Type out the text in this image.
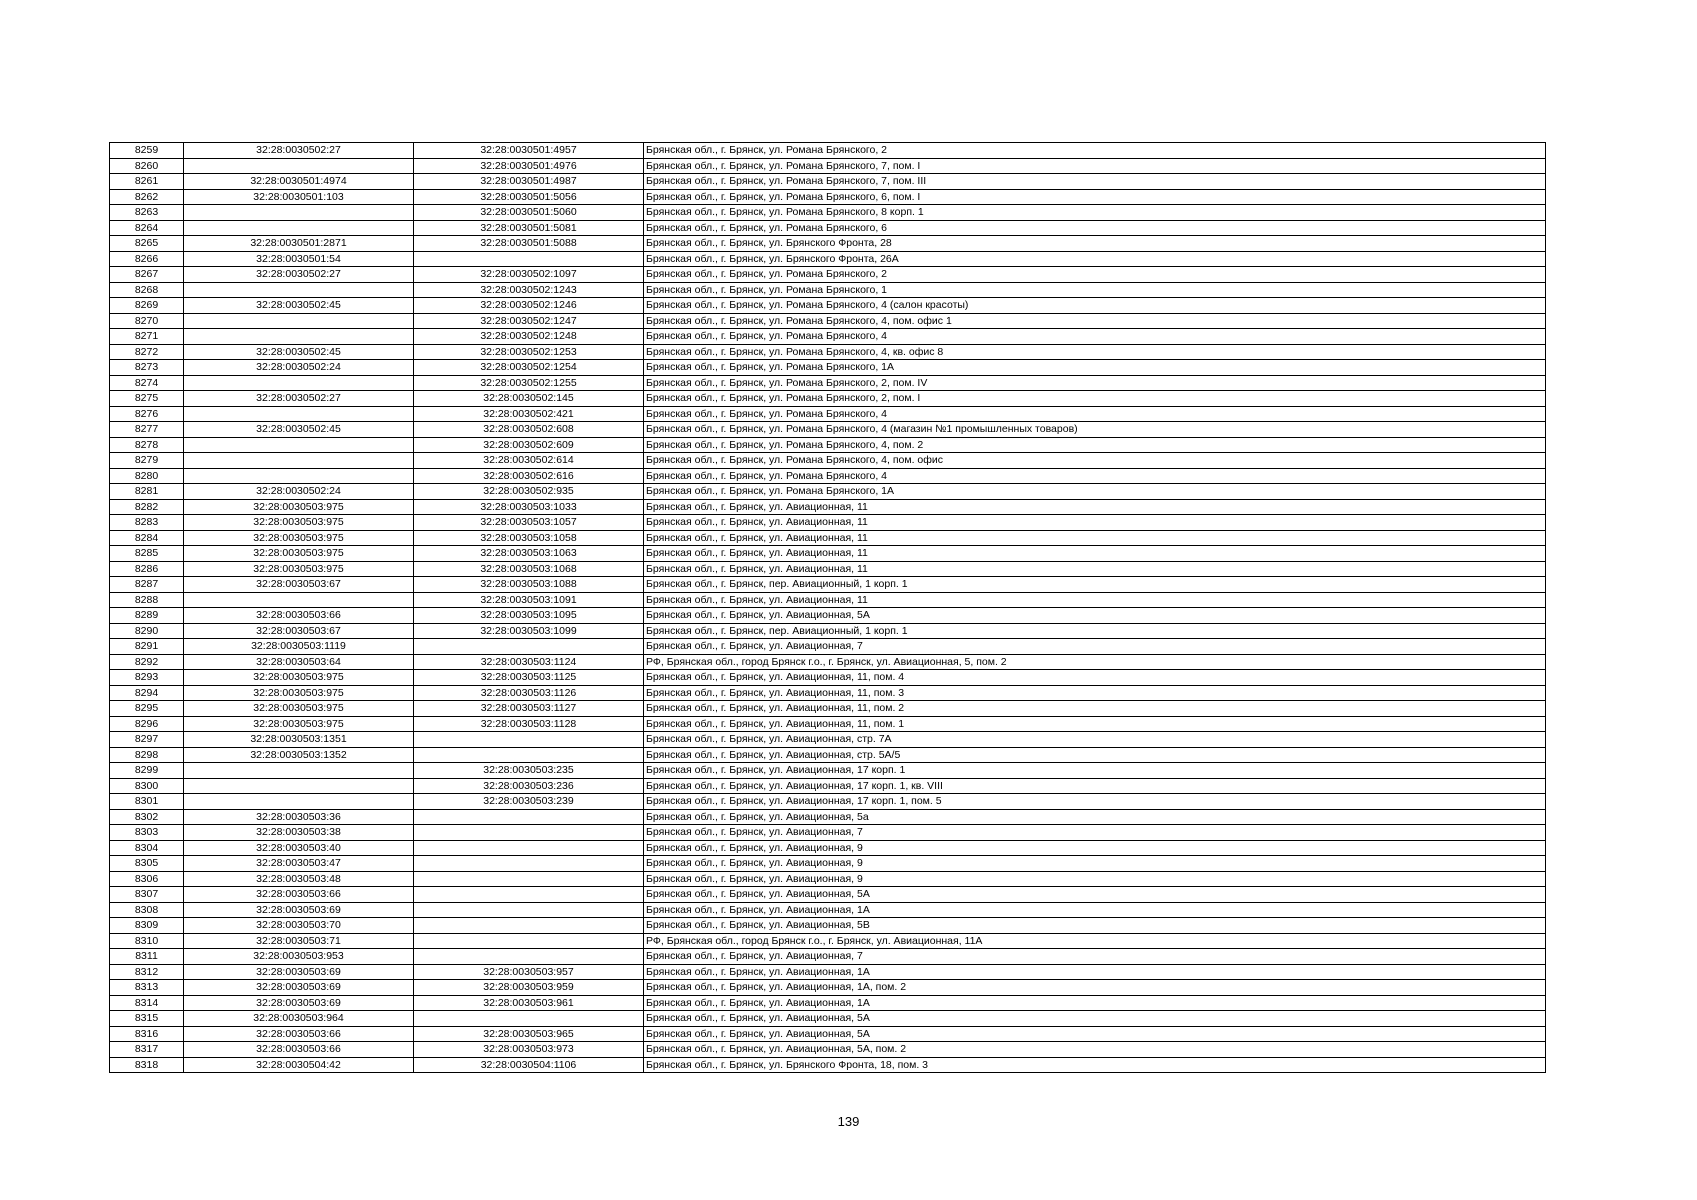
8259	32:28:0030502:27	32:28:0030501:4957	Брянская обл., г. Брянск, ул. Романа Брянского, 2
8260		32:28:0030501:4976	Брянская обл., г. Брянск, ул. Романа Брянского, 7, пом. I
8261	32:28:0030501:4974	32:28:0030501:4987	Брянская обл., г. Брянск, ул. Романа Брянского, 7, пом. III
8262	32:28:0030501:103	32:28:0030501:5056	Брянская обл., г. Брянск, ул. Романа Брянского, 6, пом. I
8263		32:28:0030501:5060	Брянская обл., г. Брянск, ул. Романа Брянского, 8 корп. 1
8264		32:28:0030501:5081	Брянская обл., г. Брянск, ул. Романа Брянского, 6
8265	32:28:0030501:2871	32:28:0030501:5088	Брянская обл., г. Брянск, ул. Брянского Фронта, 28
8266	32:28:0030501:54		Брянская обл., г. Брянск, ул. Брянского Фронта, 26А
8267	32:28:0030502:27	32:28:0030502:1097	Брянская обл., г. Брянск, ул. Романа Брянского, 2
8268		32:28:0030502:1243	Брянская обл., г. Брянск, ул. Романа Брянского, 1
8269	32:28:0030502:45	32:28:0030502:1246	Брянская обл., г. Брянск, ул. Романа Брянского, 4 (салон красоты)
8270		32:28:0030502:1247	Брянская обл., г. Брянск, ул. Романа Брянского, 4, пом. офис 1
8271		32:28:0030502:1248	Брянская обл., г. Брянск, ул. Романа Брянского, 4
8272	32:28:0030502:45	32:28:0030502:1253	Брянская обл., г. Брянск, ул. Романа Брянского, 4, кв. офис 8
8273	32:28:0030502:24	32:28:0030502:1254	Брянская обл., г. Брянск, ул. Романа Брянского, 1А
8274		32:28:0030502:1255	Брянская обл., г. Брянск, ул. Романа Брянского, 2, пом. IV
8275	32:28:0030502:27	32:28:0030502:145	Брянская обл., г. Брянск, ул. Романа Брянского, 2, пом. I
8276		32:28:0030502:421	Брянская обл., г. Брянск, ул. Романа Брянского, 4
8277	32:28:0030502:45	32:28:0030502:608	Брянская обл., г. Брянск, ул. Романа Брянского, 4 (магазин №1 промышленных товаров)
8278		32:28:0030502:609	Брянская обл., г. Брянск, ул. Романа Брянского, 4, пом. 2
8279		32:28:0030502:614	Брянская обл., г. Брянск, ул. Романа Брянского, 4, пом. офис
8280		32:28:0030502:616	Брянская обл., г. Брянск, ул. Романа Брянского, 4
8281	32:28:0030502:24	32:28:0030502:935	Брянская обл., г. Брянск, ул. Романа Брянского, 1А
8282	32:28:0030503:975	32:28:0030503:1033	Брянская обл., г. Брянск, ул. Авиационная, 11
8283	32:28:0030503:975	32:28:0030503:1057	Брянская обл., г. Брянск, ул. Авиационная, 11
8284	32:28:0030503:975	32:28:0030503:1058	Брянская обл., г. Брянск, ул. Авиационная, 11
8285	32:28:0030503:975	32:28:0030503:1063	Брянская обл., г. Брянск, ул. Авиационная, 11
8286	32:28:0030503:975	32:28:0030503:1068	Брянская обл., г. Брянск, ул. Авиационная, 11
8287	32:28:0030503:67	32:28:0030503:1088	Брянская обл., г. Брянск, пер. Авиационный, 1 корп. 1
8288		32:28:0030503:1091	Брянская обл., г. Брянск, ул. Авиационная, 11
8289	32:28:0030503:66	32:28:0030503:1095	Брянская обл., г. Брянск, ул. Авиационная, 5А
8290	32:28:0030503:67	32:28:0030503:1099	Брянская обл., г. Брянск, пер. Авиационный, 1 корп. 1
8291	32:28:0030503:1119		Брянская обл., г. Брянск, ул. Авиационная, 7
8292	32:28:0030503:64	32:28:0030503:1124	РФ, Брянская обл., город Брянск г.о., г. Брянск, ул. Авиационная, 5, пом. 2
8293	32:28:0030503:975	32:28:0030503:1125	Брянская обл., г. Брянск, ул. Авиационная, 11, пом. 4
8294	32:28:0030503:975	32:28:0030503:1126	Брянская обл., г. Брянск, ул. Авиационная, 11, пом. 3
8295	32:28:0030503:975	32:28:0030503:1127	Брянская обл., г. Брянск, ул. Авиационная, 11, пом. 2
8296	32:28:0030503:975	32:28:0030503:1128	Брянская обл., г. Брянск, ул. Авиационная, 11, пом. 1
8297	32:28:0030503:1351		Брянская обл., г. Брянск, ул. Авиационная, стр. 7А
8298	32:28:0030503:1352		Брянская обл., г. Брянск, ул. Авиационная, стр. 5А/5
8299		32:28:0030503:235	Брянская обл., г. Брянск, ул. Авиационная, 17 корп. 1
8300		32:28:0030503:236	Брянская обл., г. Брянск, ул. Авиационная, 17 корп. 1, кв. VIII
8301		32:28:0030503:239	Брянская обл., г. Брянск, ул. Авиационная, 17 корп. 1, пом. 5
8302	32:28:0030503:36		Брянская обл., г. Брянск, ул. Авиационная, 5а
8303	32:28:0030503:38		Брянская обл., г. Брянск, ул. Авиационная, 7
8304	32:28:0030503:40		Брянская обл., г. Брянск, ул. Авиационная, 9
8305	32:28:0030503:47		Брянская обл., г. Брянск, ул. Авиационная, 9
8306	32:28:0030503:48		Брянская обл., г. Брянск, ул. Авиационная, 9
8307	32:28:0030503:66		Брянская обл., г. Брянск, ул. Авиационная, 5А
8308	32:28:0030503:69		Брянская обл., г. Брянск, ул. Авиационная, 1А
8309	32:28:0030503:70		Брянская обл., г. Брянск, ул. Авиационная, 5В
8310	32:28:0030503:71		РФ, Брянская обл., город Брянск г.о., г. Брянск, ул. Авиационная, 11А
8311	32:28:0030503:953		Брянская обл., г. Брянск, ул. Авиационная, 7
8312	32:28:0030503:69	32:28:0030503:957	Брянская обл., г. Брянск, ул. Авиационная, 1А
8313	32:28:0030503:69	32:28:0030503:959	Брянская обл., г. Брянск, ул. Авиационная, 1А, пом. 2
8314	32:28:0030503:69	32:28:0030503:961	Брянская обл., г. Брянск, ул. Авиационная, 1А
8315	32:28:0030503:964		Брянская обл., г. Брянск, ул. Авиационная, 5А
8316	32:28:0030503:66	32:28:0030503:965	Брянская обл., г. Брянск, ул. Авиационная, 5А
8317	32:28:0030503:66	32:28:0030503:973	Брянская обл., г. Брянск, ул. Авиационная, 5А, пом. 2
8318	32:28:0030504:42	32:28:0030504:1106	Брянская обл., г. Брянск, ул. Брянского Фронта, 18, пом. 3
139
